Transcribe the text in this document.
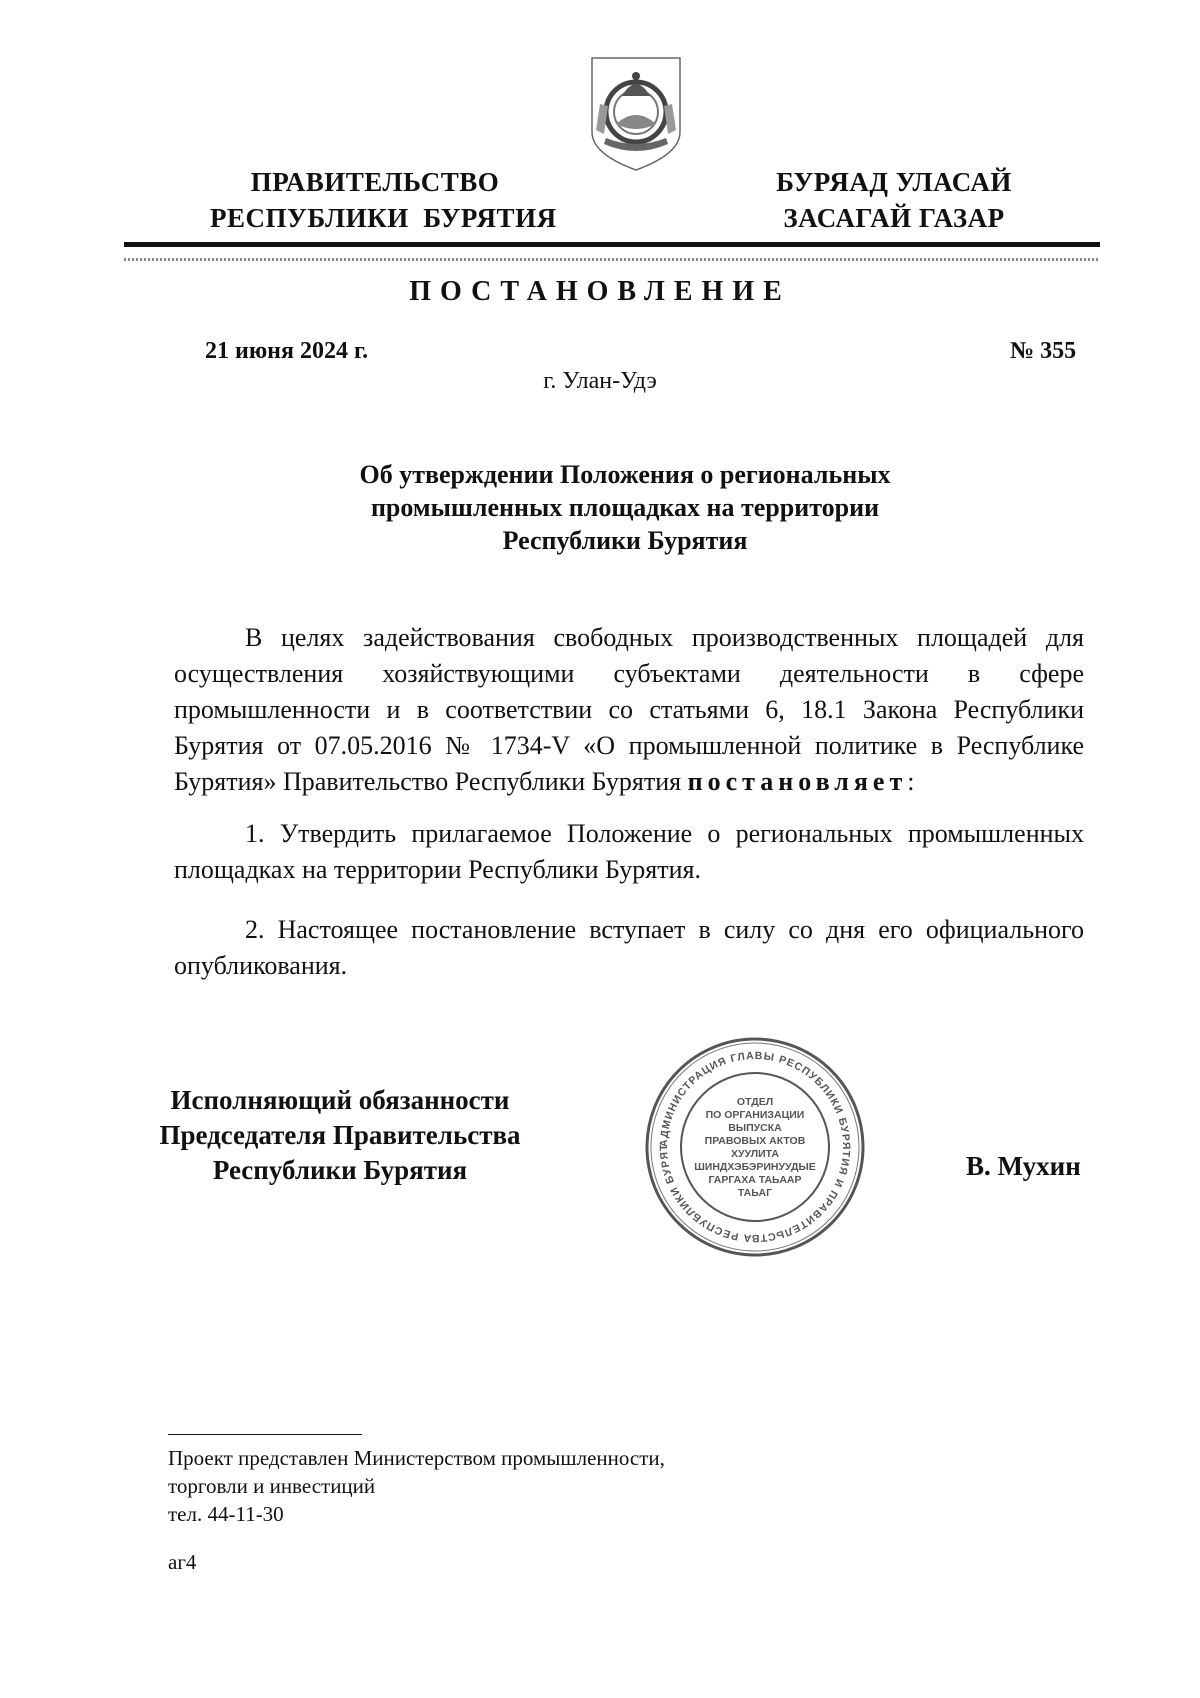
ПРАВИТЕЛЬСТВО
РЕСПУБЛИКИ  БУРЯТИЯ
БУРЯАД УЛАСАЙ
ЗАСАГАЙ ГАЗАР
ПОСТАНОВЛЕНИЕ
21 июня 2024 г.	№ 355
г. Улан-Удэ
Об утверждении Положения о региональных
промышленных площадках на территории
Республики Бурятия
В целях задействования свободных производственных площадей для осуществления хозяйствующими субъектами деятельности в сфере промышленности и в соответствии со статьями 6, 18.1 Закона Республики Бурятия от 07.05.2016 № 1734-V «О промышленной политике в Республике Бурятия» Правительство Республики Бурятия постановляет:
1. Утвердить прилагаемое Положение о региональных промышленных площадках на территории Республики Бурятия.
2. Настоящее постановление вступает в силу со дня его официального опубликования.
Исполняющий обязанности
Председателя Правительства
Республики Бурятия	В. Мухин
АДМИНИСТРАЦИЯ ГЛАВЫ РЕСПУБЛИКИ БУРЯТИЯ И ПРАВИТЕЛЬСТВА РЕСПУБЛИКИ БУРЯТ
ОТДЕЛ
ПО ОРГАНИЗАЦИИ
ВЫПУСКА
ПРАВОВЫХ АКТОВ
ХУУЛИТА
ШИНДХЭБЭРИНУУДЫЕ
ГАРГАХА ТАЬААР
ТАЬАГ
Проект представлен Министерством промышленности,
торговли и инвестиций
тел. 44-11-30
аг4
